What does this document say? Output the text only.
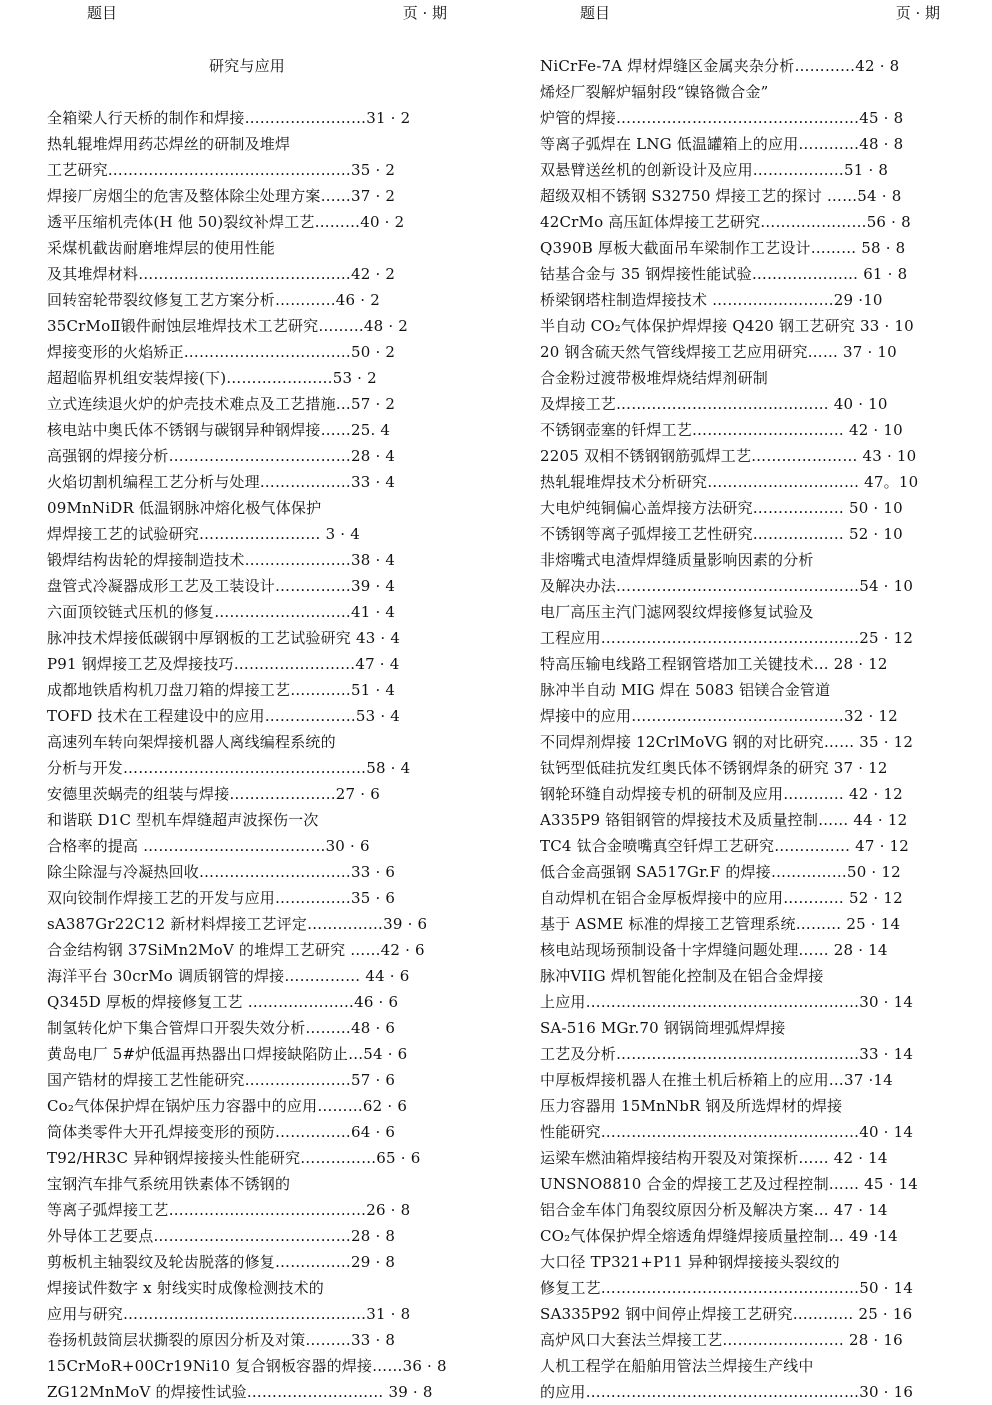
题目	页 · 期
研究与应用
全箱梁人行天桥的制作和焊接……………………31 · 2
热轧辊堆焊用药芯焊丝的研制及堆焊
工艺研究…………………………………………35 · 2
焊接厂房烟尘的危害及整体除尘处理方案……37 · 2
透平压缩机壳体(H 他 50)裂纹补焊工艺………40 · 2
采煤机截齿耐磨堆焊层的使用性能
及其堆焊材料……………………………………42 · 2
回转窑轮带裂纹修复工艺方案分析…………46 · 2
35CrMoⅡ锻件耐蚀层堆焊技术工艺研究………48 · 2
焊接变形的火焰矫正……………………………50 · 2
超超临界机组安装焊接(下)…………………53 · 2
立式连续退火炉的炉壳技术难点及工艺措施…57 · 2
核电站中奥氏体不锈钢与碳钢异种钢焊接……25. 4
高强钢的焊接分析………………………………28 · 4
火焰切割机编程工艺分析与处理………………33 · 4
09MnNiDR 低温钢脉冲熔化极气体保护
焊焊接工艺的试验研究…………………… 3 · 4
锻焊结构齿轮的焊接制造技术…………………38 · 4
盘管式冷凝器成形工艺及工装设计……………39 · 4
六面顶铰链式压机的修复………………………41 · 4
脉冲技术焊接低碳钢中厚钢板的工艺试验研究 43 · 4
P91 钢焊接工艺及焊接技巧……………………47 · 4
成都地铁盾构机刀盘刀箱的焊接工艺…………51 · 4
TOFD 技术在工程建设中的应用………………53 · 4
高速列车转向架焊接机器人离线编程系统的
分析与开发…………………………………………58 · 4
安德里茨蜗壳的组装与焊接…………………27 · 6
和谐联 D1C 型机车焊缝超声波探伤一次
合格率的提高 ………………………………30 · 6
除尘除湿与冷凝热回收…………………………33 · 6
双向铰制作焊接工艺的开发与应用……………35 · 6
sA387Gr22C12 新材料焊接工艺评定……………39 · 6
合金结构钢 37SiMn2MoV 的堆焊工艺研究 ……42 · 6
海洋平台 30crMo 调质钢管的焊接…………… 44 · 6
Q345D 厚板的焊接修复工艺 …………………46 · 6
制氢转化炉下集合管焊口开裂失效分析………48 · 6
黄岛电厂 5#炉低温再热器出口焊接缺陷防止…54 · 6
国产锆材的焊接工艺性能研究…………………57 · 6
Co₂气体保护焊在锅炉压力容器中的应用………62 · 6
筒体类零件大开孔焊接变形的预防……………64 · 6
T92/HR3C 异种钢焊接接头性能研究……………65 · 6
宝钢汽车排气系统用铁素体不锈钢的
等离子弧焊接工艺…………………………………26 · 8
外导体工艺要点…………………………………28 · 8
剪板机主轴裂纹及轮齿脱落的修复……………29 · 8
焊接试件数字 x 射线实时成像检测技术的
应用与研究…………………………………………31 · 8
卷扬机鼓筒层状撕裂的原因分析及对策………33 · 8
15CrMoR+00Cr19Ni10 复合钢板容器的焊接……36 · 8
ZG12MnMoV 的焊接性试验……………………… 39 · 8
题目	页 · 期
NiCrFe-7A 焊材焊缝区金属夹杂分析…………42 · 8
烯烃厂裂解炉辐射段“镍铬微合金”
炉管的焊接…………………………………………45 · 8
等离子弧焊在 LNG 低温罐箱上的应用…………48 · 8
双悬臂送丝机的创新设计及应用………………51 · 8
超级双相不锈钢 S32750 焊接工艺的探讨 ……54 · 8
42CrMo 高压缸体焊接工艺研究…………………56 · 8
Q390B 厚板大截面吊车梁制作工艺设计……… 58 · 8
钴基合金与 35 钢焊接性能试验………………… 61 · 8
桥梁钢塔柱制造焊接技术 ……………………29 ·10
半自动 CO₂气体保护焊焊接 Q420 钢工艺研究 33 · 10
20 钢含硫天然气管线焊接工艺应用研究…… 37 · 10
合金粉过渡带极堆焊烧结焊剂研制
及焊接工艺…………………………………… 40 · 10
不锈钢壶塞的钎焊工艺………………………… 42 · 10
2205 双相不锈钢钢筋弧焊工艺………………… 43 · 10
热轧辊堆焊技术分析研究………………………… 47。10
大电炉纯铜偏心盖焊接方法研究……………… 50 · 10
不锈钢等离子弧焊接工艺性研究……………… 52 · 10
非熔嘴式电渣焊焊缝质量影响因素的分析
及解决办法…………………………………………54 · 10
电厂高压主汽门滤网裂纹焊接修复试验及
工程应用……………………………………………25 · 12
特高压输电线路工程钢管塔加工关键技术… 28 · 12
脉冲半自动 MIG 焊在 5083 铝镁合金管道
焊接中的应用……………………………………32 · 12
不同焊剂焊接 12CrlMoVG 钢的对比研究…… 35 · 12
钛钙型低硅抗发红奥氏体不锈钢焊条的研究 37 · 12
钢轮环缝自动焊接专机的研制及应用………… 42 · 12
A335P9 铬钼钢管的焊接技术及质量控制…… 44 · 12
TC4 钛合金喷嘴真空钎焊工艺研究…………… 47 · 12
低合金高强钢 SA517Gr.F 的焊接……………50 · 12
自动焊机在铝合金厚板焊接中的应用………… 52 · 12
基于 ASME 标准的焊接工艺管理系统……… 25 · 14
核电站现场预制设备十字焊缝问题处理…… 28 · 14
脉冲VIIG 焊机智能化控制及在铝合金焊接
上应用………………………………………………30 · 14
SA-516 MGr.70 钢锅筒埋弧焊焊接
工艺及分析…………………………………………33 · 14
中厚板焊接机器人在推土机后桥箱上的应用…37 ·14
压力容器用 15MnNbR 钢及所选焊材的焊接
性能研究……………………………………………40 · 14
运梁车燃油箱焊接结构开裂及对策探析…… 42 · 14
UNSNO8810 合金的焊接工艺及过程控制…… 45 · 14
铝合金车体门角裂纹原因分析及解决方案… 47 · 14
CO₂气体保护焊全熔透角焊缝焊接质量控制… 49 ·14
大口径 TP321+P11 异种钢焊接接头裂纹的
修复工艺……………………………………………50 · 14
SA335P92 钢中间停止焊接工艺研究………… 25 · 16
高炉风口大套法兰焊接工艺…………………… 28 · 16
人机工程学在船舶用管法兰焊接生产线中
的应用………………………………………………30 · 16
